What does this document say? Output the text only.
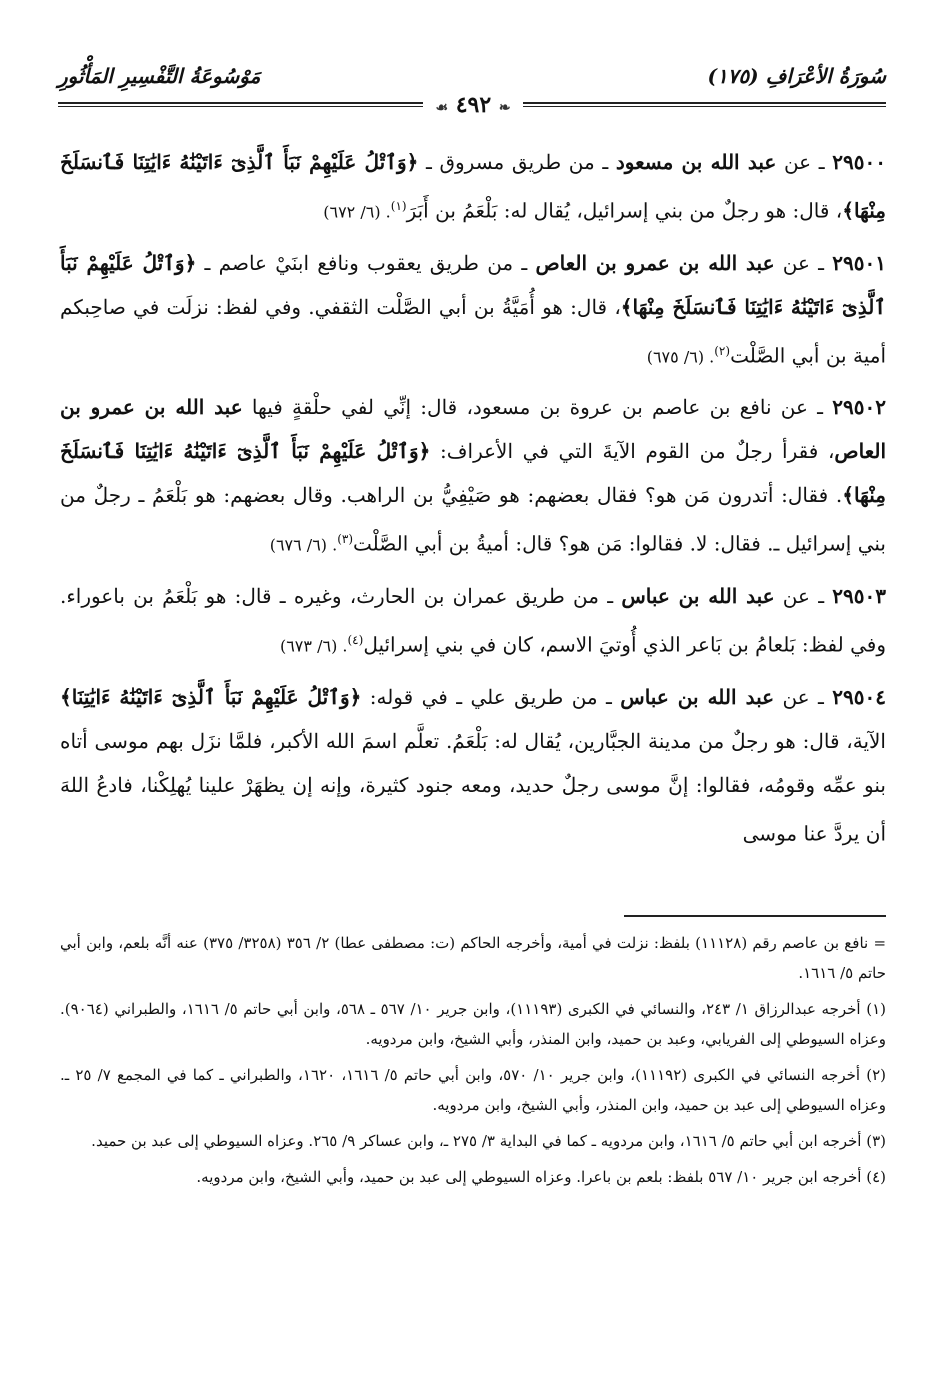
سُورَةُ الأعْرَافِ (١٧٥)
مَوْسُوعَةُ التَّفْسِيرِ المَأْثُورِ
❧ ٤٩٢ ☙
٢٩٥٠٠ ـ عن عبد الله بن مسعود ـ من طريق مسروق ـ ﴿وَٱتْلُ عَلَيْهِمْ نَبَأَ ٱلَّذِىٓ ءَاتَيْنَٰهُ ءَايَٰتِنَا فَٱنسَلَخَ مِنْهَا﴾، قال: هو رجلٌ من بني إسرائيل، يُقال له: بَلْعَمُ بن أَبَرَ$^{(١)}$. (٦/ ٦٧٢)
٢٩٥٠١ ـ عن عبد الله بن عمرو بن العاص ـ من طريق يعقوب ونافع ابنَيْ عاصم ـ ﴿وَٱتْلُ عَلَيْهِمْ نَبَأَ ٱلَّذِىٓ ءَاتَيْنَٰهُ ءَايَٰتِنَا فَٱنسَلَخَ مِنْهَا﴾، قال: هو أُمَيَّةُ بن أبي الصَّلْت الثقفي. وفي لفظ: نزلَت في صاحِبكم أمية بن أبي الصَّلْت$^{(٢)}$. (٦/ ٦٧٥)
٢٩٥٠٢ ـ عن نافع بن عاصم بن عروة بن مسعود، قال: إنِّي لفي حلْقةٍ فيها عبد الله بن عمرو بن العاص، فقرأ رجلٌ من القوم الآيةَ التي في الأعراف: ﴿وَٱتْلُ عَلَيْهِمْ نَبَأَ ٱلَّذِىٓ ءَاتَيْنَٰهُ ءَايَٰتِنَا فَٱنسَلَخَ مِنْهَا﴾. فقال: أتدرون مَن هو؟ فقال بعضهم: هو صَيْفِيُّ بن الراهب. وقال بعضهم: هو بَلْعَمُ ـ رجلٌ من بني إسرائيل ـ. فقال: لا. فقالوا: مَن هو؟ قال: أميةُ بن أبي الصَّلْت$^{(٣)}$. (٦/ ٦٧٦)
٢٩٥٠٣ ـ عن عبد الله بن عباس ـ من طريق عمران بن الحارث، وغيره ـ قال: هو بَلْعَمُ بن باعوراء. وفي لفظ: بَلعامُ بن بَاعر الذي أُوتيَ الاسم، كان في بني إسرائيل$^{(٤)}$. (٦/ ٦٧٣)
٢٩٥٠٤ ـ عن عبد الله بن عباس ـ من طريق علي ـ في قوله: ﴿وَٱتْلُ عَلَيْهِمْ نَبَأَ ٱلَّذِىٓ ءَاتَيْنَٰهُ ءَايَٰتِنَا﴾ الآية، قال: هو رجلٌ من مدينة الجبَّارين، يُقال له: بَلْعَمُ. تعلَّم اسمَ الله الأكبر، فلمَّا نزَل بهم موسى أتاه بنو عمِّه وقومُه، فقالوا: إنَّ موسى رجلٌ حديد، ومعه جنود كثيرة، وإنه إن يظهَرْ علينا يُهلِكْنا، فادعُ اللهَ أن يردَّ عنا موسى
= نافع بن عاصم رقم (١١١٢٨) بلفظ: نزلت في أمية، وأخرجه الحاكم (ت: مصطفى عطا) ٢/ ٣٥٦ (٣٢٥٨/ ٣٧٥) عنه أنَّه بلعم، وابن أبي حاتم ٥/ ١٦١٦.
(١) أخرجه عبدالرزاق ١/ ٢٤٣، والنسائي في الكبرى (١١١٩٣)، وابن جرير ١٠/ ٥٦٧ ـ ٥٦٨، وابن أبي حاتم ٥/ ١٦١٦، والطبراني (٩٠٦٤). وعزاه السيوطي إلى الفريابي، وعبد بن حميد، وابن المنذر، وأبي الشيخ، وابن مردويه.
(٢) أخرجه النسائي في الكبرى (١١١٩٢)، وابن جرير ١٠/ ٥٧٠، وابن أبي حاتم ٥/ ١٦١٦، ١٦٢٠، والطبراني ـ كما في المجمع ٧/ ٢٥ ـ. وعزاه السيوطي إلى عبد بن حميد، وابن المنذر، وأبي الشيخ، وابن مردويه.
(٣) أخرجه ابن أبي حاتم ٥/ ١٦١٦، وابن مردويه ـ كما في البداية ٣/ ٢٧٥ ـ، وابن عساكر ٩/ ٢٦٥. وعزاه السيوطي إلى عبد بن حميد.
(٤) أخرجه ابن جرير ١٠/ ٥٦٧ بلفظ: بلعم بن باعرا. وعزاه السيوطي إلى عبد بن حميد، وأبي الشيخ، وابن مردويه.
